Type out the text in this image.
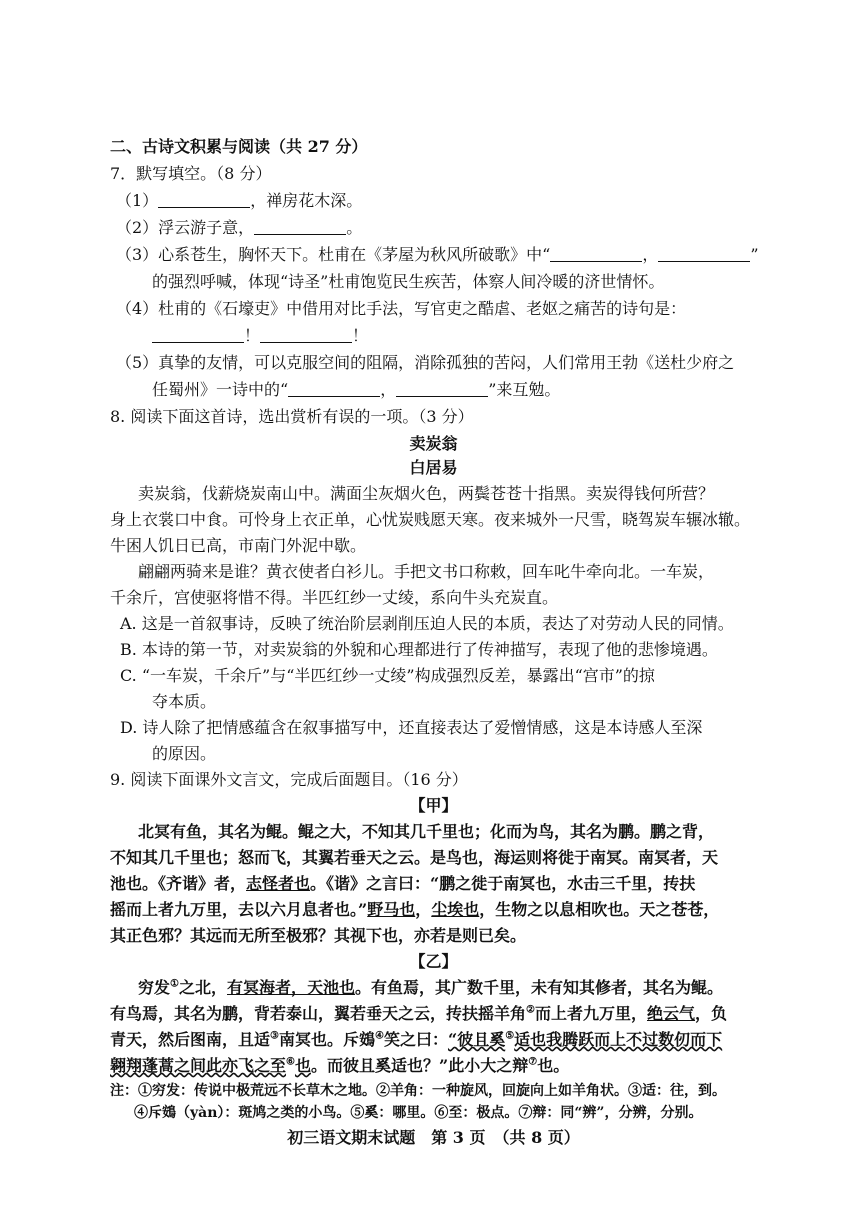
二、古诗文积累与阅读（共 27 分）
7．默写填空。（8 分）
（1）	，禅房花木深。
（2）浮云游子意，	。
（3）心系苍生，胸怀天下。杜甫在《茅屋为秋风所破歌》中“	，	”
的强烈呼喊，体现“诗圣”杜甫饱览民生疾苦，体察人间冷暖的济世情怀。
（4）杜甫的《石壕吏》中借用对比手法，写官吏之酷虐、老妪之痛苦的诗句是：
！	！
（5）真挚的友情，可以克服空间的阻隔，消除孤独的苦闷，人们常用王勃《送杜少府之
任蜀州》一诗中的“	，	”来互勉。
8. 阅读下面这首诗，选出赏析有误的一项。（3 分）
卖炭翁
白居易
卖炭翁，伐薪烧炭南山中。满面尘灰烟火色，两鬓苍苍十指黑。卖炭得钱何所营？
身上衣裳口中食。可怜身上衣正单，心忧炭贱愿天寒。夜来城外一尺雪，晓驾炭车辗冰辙。
牛困人饥日已高，市南门外泥中歇。
翩翩两骑来是谁？黄衣使者白衫儿。手把文书口称敕，回车叱牛牵向北。一车炭，
千余斤，宫使驱将惜不得。半匹红纱一丈绫，系向牛头充炭直。
A. 这是一首叙事诗，反映了统治阶层剥削压迫人民的本质，表达了对劳动人民的同情。
B. 本诗的第一节，对卖炭翁的外貌和心理都进行了传神描写，表现了他的悲惨境遇。
C. “一车炭，千余斤”与“半匹红纱一丈绫”构成强烈反差，暴露出“宫市”的掠
夺本质。
D. 诗人除了把情感蕴含在叙事描写中，还直接表达了爱憎情感，这是本诗感人至深
的原因。
9. 阅读下面课外文言文，完成后面题目。（16 分）
【甲】
北冥有鱼，其名为鲲。鲲之大，不知其几千里也；化而为鸟，其名为鹏。鹏之背，
不知其几千里也；怒而飞，其翼若垂天之云。是鸟也，海运则将徙于南冥。南冥者，天
池也。《齐谐》者，志怪者也。《谐》之言曰：“鹏之徙于南冥也，水击三千里，抟扶
摇而上者九万里，去以六月息者也。”野马也，尘埃也，生物之以息相吹也。天之苍苍，
其正色邪？其远而无所至极邪？其视下也，亦若是则已矣。
【乙】
穷发①之北，有冥海者，天池也。有鱼焉，其广数千里，未有知其修者，其名为鲲。
有鸟焉，其名为鹏，背若泰山，翼若垂天之云，抟扶摇羊角②而上者九万里，绝云气，负
青天，然后图南，且适③南冥也。斥鴳④笑之曰：“彼且奚⑤适也我腾跃而上不过数仞而下
翱翔蓬蒿之间此亦飞之至⑥也。而彼且奚适也？”此小大之辩⑦也。
注：①穷发：传说中极荒远不长草木之地。②羊角：一种旋风，回旋向上如羊角状。③适：往，到。
④斥鴳（yàn）：斑鸠之类的小鸟。⑤奚：哪里。⑥至：极点。⑦辩：同“辨”，分辨，分别。
初三语文期末试题　第 3 页　（共 8 页）
